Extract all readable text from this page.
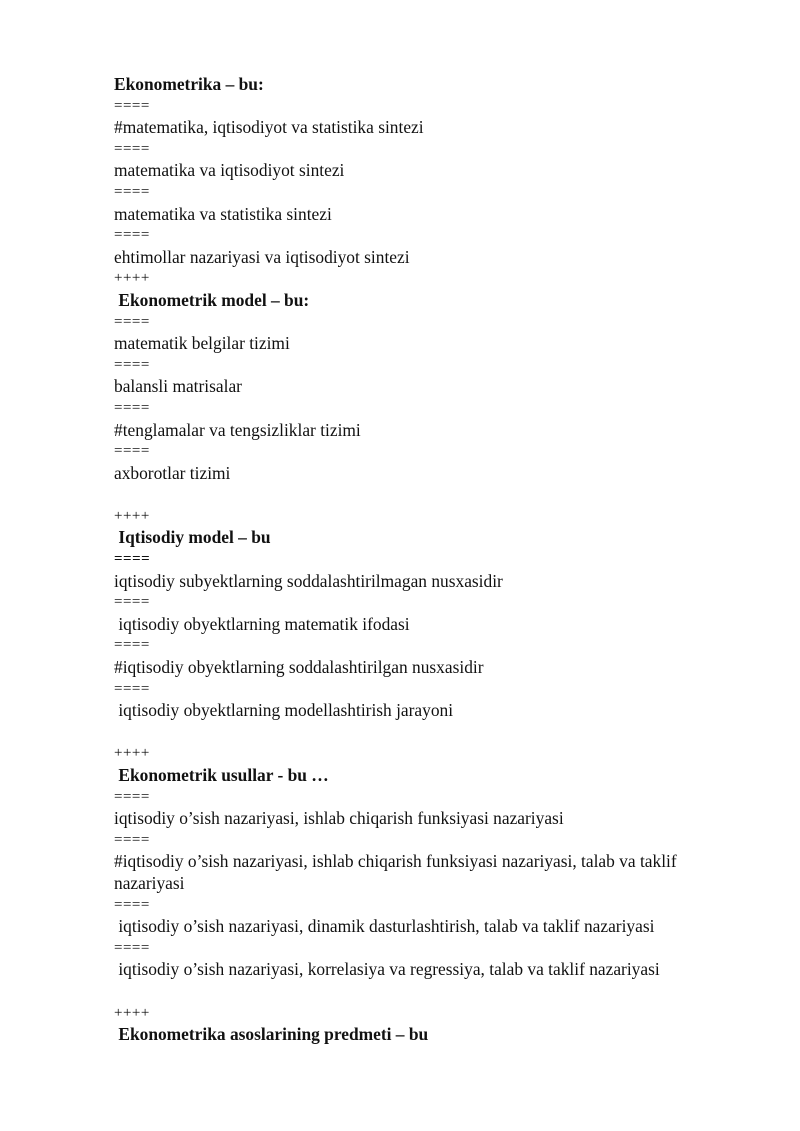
Ekonometrika – bu:
====
#matematika, iqtisodiyot va statistika sintezi
====
matematika va iqtisodiyot sintezi
====
matematika va statistika sintezi
====
ehtimollar nazariyasi va iqtisodiyot sintezi
++++
Ekonometrik model – bu:
====
matematik belgilar tizimi
====
balansli matrisalar
====
#tenglamalar va tengsizliklar tizimi
====
axborotlar tizimi
++++
Iqtisodiy model – bu
====
iqtisodiy subyektlarning soddalashtirilmagan nusxasidir
====
iqtisodiy obyektlarning matematik ifodasi
====
#iqtisodiy obyektlarning soddalashtirilgan nusxasidir
====
iqtisodiy obyektlarning modellashtirish jarayoni
++++
Ekonometrik usullar - bu …
====
iqtisodiy o’sish nazariyasi, ishlab chiqarish funksiyasi nazariyasi
====
#iqtisodiy o’sish nazariyasi, ishlab chiqarish funksiyasi nazariyasi, talab va taklif nazariyasi
====
iqtisodiy o’sish nazariyasi, dinamik dasturlashtirish, talab va taklif nazariyasi
====
iqtisodiy o’sish nazariyasi, korrelasiya va regressiya, talab va taklif nazariyasi
++++
Ekonometrika asoslarining predmeti – bu
